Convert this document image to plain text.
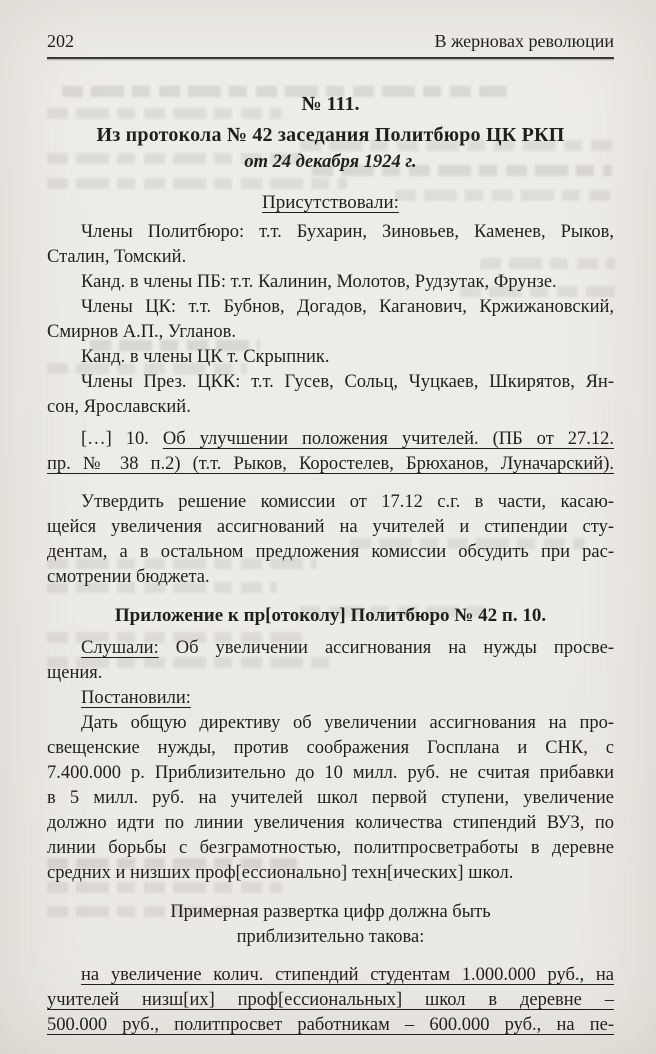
202	В жерновах революции
№ 111.
Из протокола № 42 заседания Политбюро ЦК РКП
от 24 декабря 1924 г.
Присутствовали:
Члены Политбюро: т.т. Бухарин, Зиновьев, Каменев, Рыков,
Сталин, Томский.
Канд. в члены ПБ: т.т. Калинин, Молотов, Рудзутак, Фрунзе.
Члены ЦК: т.т. Бубнов, Догадов, Каганович, Кржижановский,
Смирнов А.П., Угланов.
Канд. в члены ЦК т. Скрыпник.
Члены През. ЦКК: т.т. Гусев, Сольц, Чуцкаев, Шкирятов, Ян-
сон, Ярославский.
[…] 10. Об улучшении положения учителей. (ПБ от 27.12.
пр. № 38 п.2) (т.т. Рыков, Коростелев, Брюханов, Луначарский).
Утвердить решение комиссии от 17.12 с.г. в части, касаю-
щейся увеличения ассигнований на учителей и стипендии сту-
дентам, а в остальном предложения комиссии обсудить при рас-
смотрении бюджета.
Приложение к пр[отоколу] Политбюро № 42 п. 10.
Слушали: Об увеличении ассигнования на нужды просве-
щения.
Постановили:
Дать общую директиву об увеличении ассигнования на про-
свещенские нужды, против соображения Госплана и СНК, с
7.400.000 р. Приблизительно до 10 милл. руб. не считая прибавки
в 5 милл. руб. на учителей школ первой ступени, увеличение
должно идти по линии увеличения количества стипендий ВУЗ, по
линии борьбы с безграмотностью, политпросветработы в деревне
средних и низших проф[ессионально] техн[ических] школ.
Примерная развертка цифр должна быть
приблизительно такова:
на увеличение колич. стипендий студентам 1.000.000 руб., на
учителей низш[их] проф[ессиональных] школ в деревне –
500.000 руб., политпросвет работникам – 600.000 руб., на пе-
